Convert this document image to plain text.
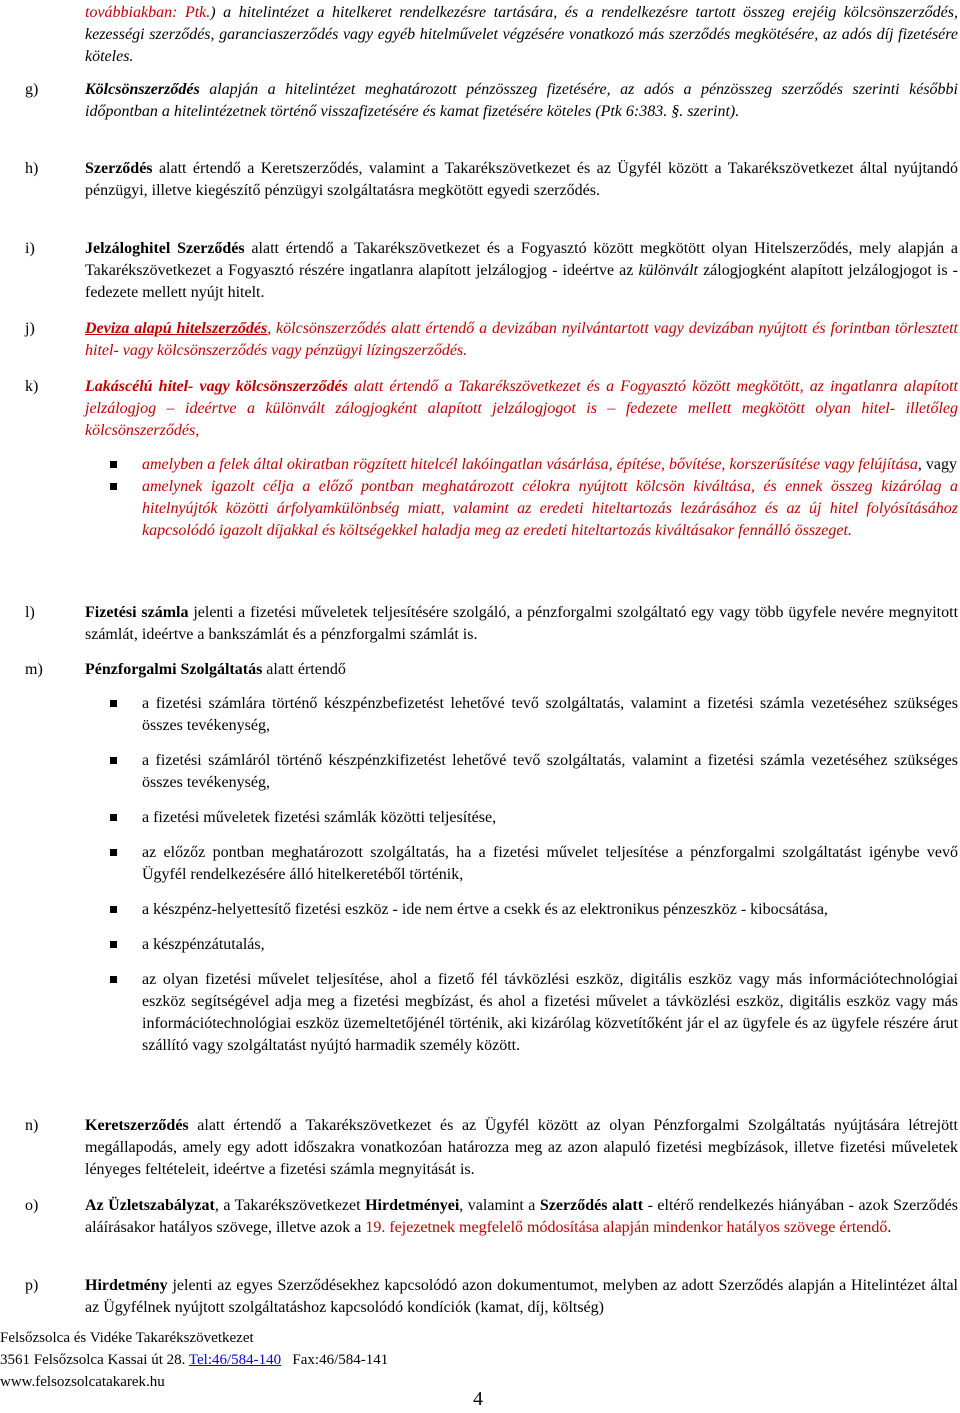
továbbiakban: Ptk.) a hitelintézet a hitelkeret rendelkezésre tartására, és a rendelkezésre tartott összeg erejéig kölcsönszerződés, kezességi szerződés, garanciaszerződés vagy egyéb hitelművelet végzésére vonatkozó más szerződés megkötésére, az adós díj fizetésére köteles.
g)	Kölcsönszerződés alapján a hitelintézet meghatározott pénzösszeg fizetésére, az adós a pénzösszeg szerződés szerinti későbbi időpontban a hitelintézetnek történő visszafizetésére és kamat fizetésére köteles (Ptk 6:383. §. szerint).
h)	Szerződés alatt értendő a Keretszerződés, valamint a Takarékszövetkezet és az Ügyfél között a Takarékszövetkezet által nyújtandó pénzügyi, illetve kiegészítő pénzügyi szolgáltatásra megkötött egyedi szerződés.
i)	Jelzáloghitel Szerződés alatt értendő a Takarékszövetkezet és a Fogyasztó között megkötött olyan Hitelszerződés, mely alapján a Takarékszövetkezet a Fogyasztó részére ingatlanra alapított jelzálogjog - ideértve az különvált zálogjogként alapított jelzálogjogot is - fedezete mellett nyújt hitelt.
j)	Deviza alapú hitelszerződés, kölcsönszerződés alatt értendő a devizában nyilvántartott vagy devizában nyújtott és forintban törlesztett hitel- vagy kölcsönszerződés vagy pénzügyi lízingszerződés.
k)	Lakáscélú hitel- vagy kölcsönszerződés alatt értendő a Takarékszövetkezet és a Fogyasztó között megkötött, az ingatlanra alapított jelzálogjog – ideértve a különvált zálogjogként alapított jelzálogjogot is – fedezete mellett megkötött olyan hitel- illetőleg kölcsönszerződés,
amelyben a felek által okiratban rögzített hitelcél lakóingatlan vásárlása, építése, bővítése, korszerűsítése vagy felújítása, vagy
amelynek igazolt célja a előző pontban meghatározott célokra nyújtott kölcsön kiváltása, és ennek összeg kizárólag a hitelnyújtók közötti árfolyamkülönbség miatt, valamint az eredeti hiteltartozás lezárásához és az új hitel folyósításához kapcsolódó igazolt díjakkal és költségekkel haladja meg az eredeti hiteltartozás kiváltásakor fennálló összeget.
l)	Fizetési számla jelenti a fizetési műveletek teljesítésére szolgáló, a pénzforgalmi szolgáltató egy vagy több ügyfele nevére megnyitott számlát, ideértve a bankszámlát és a pénzforgalmi számlát is.
m)	Pénzforgalmi Szolgáltatás alatt értendő
a fizetési számlára történő készpénzbefizetést lehetővé tevő szolgáltatás, valamint a fizetési számla vezetéséhez szükséges összes tevékenység,
a fizetési számláról történő készpénzkifizetést lehetővé tevő szolgáltatás, valamint a fizetési számla vezetéséhez szükséges összes tevékenység,
a fizetési műveletek fizetési számlák közötti teljesítése,
az előzőz pontban meghatározott szolgáltatás, ha a fizetési művelet teljesítése a pénzforgalmi szolgáltatást igénybe vevő Ügyfél rendelkezésére álló hitelkeretéből történik,
a készpénz-helyettesítő fizetési eszköz - ide nem értve a csekk és az elektronikus pénzeszköz - kibocsátása,
a készpénzátutalás,
az olyan fizetési művelet teljesítése, ahol a fizető fél távközlési eszköz, digitális eszköz vagy más információtechnológiai eszköz segítségével adja meg a fizetési megbízást, és ahol a fizetési művelet a távközlési eszköz, digitális eszköz vagy más információtechnológiai eszköz üzemeltetőjénél történik, aki kizárólag közvetítőként jár el az ügyfele és az ügyfele részére árut szállító vagy szolgáltatást nyújtó harmadik személy között.
n)	Keretszerződés alatt értendő a Takarékszövetkezet és az Ügyfél között az olyan Pénzforgalmi Szolgáltatás nyújtására létrejött megállapodás, amely egy adott időszakra vonatkozóan határozza meg az azon alapuló fizetési megbízások, illetve fizetési műveletek lényeges feltételeit, ideértve a fizetési számla megnyitását is.
o)	Az Üzletszabályzat, a Takarékszövetkezet Hirdetményei, valamint a Szerződés alatt - eltérő rendelkezés hiányában - azok Szerződés aláírásakor hatályos szövege, illetve azok a 19. fejezetnek megfelelő módosítása alapján mindenkor hatályos szövege értendő.
p)	Hirdetmény jelenti az egyes Szerződésekhez kapcsolódó azon dokumentumot, melyben az adott Szerződés alapján a Hitelintézet által az Ügyfélnek nyújtott szolgáltatáshoz kapcsolódó kondíciók (kamat, díj, költség)
Felsőzsolca és Vidéke Takarékszövetkezet
3561 Felsőzsolca Kassai út 28. Tel:46/584-140 Fax:46/584-141
www.felsozsolcatakarek.hu
4
